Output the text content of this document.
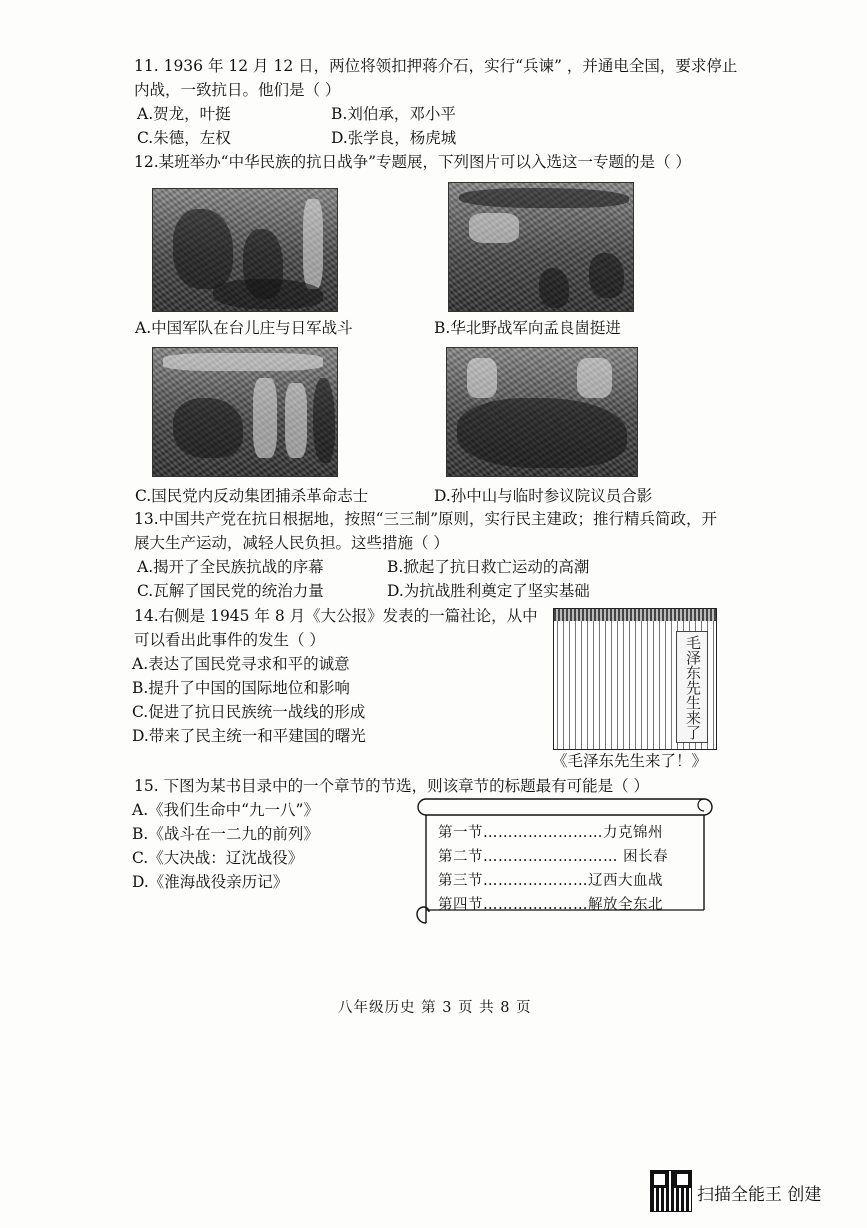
11. 1936 年 12 月 12 日，两位将领扣押蒋介石，实行“兵谏” ，并通电全国，要求停止
内战，一致抗日。他们是（ ）
A.贺龙，叶挺	B.刘伯承，邓小平
C.朱德，左权	D.张学良，杨虎城
12.某班举办“中华民族的抗日战争”专题展，下列图片可以入选这一专题的是（ ）
A.中国军队在台儿庄与日军战斗	B.华北野战军向孟良崮挺进
C.国民党内反动集团捕杀革命志士	D.孙中山与临时参议院议员合影
13.中国共产党在抗日根据地，按照“三三制”原则，实行民主建政；推行精兵简政，开
展大生产运动，减轻人民负担。这些措施（ ）
A.揭开了全民族抗战的序幕	B.掀起了抗日救亡运动的高潮
C.瓦解了国民党的统治力量	D.为抗战胜利奠定了坚实基础
14.右侧是 1945 年 8 月《大公报》发表的一篇社论，从中
可以看出此事件的发生（ ）
A.表达了国民党寻求和平的诚意
B.提升了中国的国际地位和影响
C.促进了抗日民族统一战线的形成
D.带来了民主统一和平建国的曙光	毛泽东先生来了
《毛泽东先生来了！》
15. 下图为某书目录中的一个章节的节选，则该章节的标题最有可能是（ ）
A.《我们生命中“九一八”》
B.《战斗在一二九的前列》
C.《大决战：辽沈战役》
D.《淮海战役亲历记》
第一节……………………力克锦州
第二节……………………… 困长春
第三节…………………辽西大血战
第四节…………………解放全东北
八年级历史 第 3 页 共 8 页
扫描全能王 创建
